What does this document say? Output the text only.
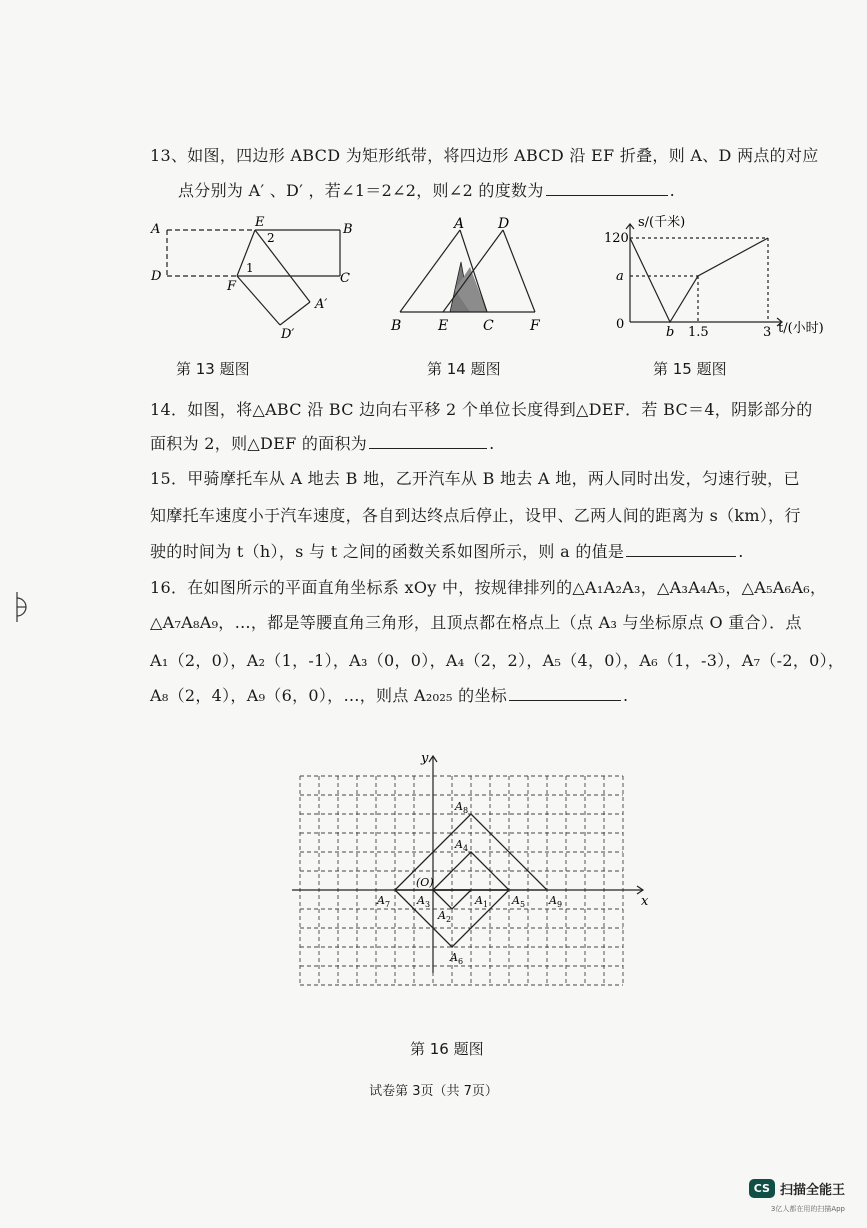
13、如图，四边形 ABCD 为矩形纸带，将四边形 ABCD 沿 EF 折叠，则 A、D 两点的对应
点分别为 A′ 、D′ ，若∠1＝2∠2，则∠2 的度数为	.
A	E	B
2
D
1
C
F
A′
D′
第 13 题图
A D
B	E C	F
第 14 题图
s/(千米)
120
a
0
b 1.5	3 t/(小时)
第 15 题图
14．如图，将△ABC 沿 BC 边向右平移 2 个单位长度得到△DEF．若 BC＝4，阴影部分的
面积为 2，则△DEF 的面积为	.
15．甲骑摩托车从 A 地去 B 地，乙开汽车从 B 地去 A 地，两人同时出发，匀速行驶，已
知摩托车速度小于汽车速度，各自到达终点后停止，设甲、乙两人间的距离为 s（km），行
驶的时间为 t（h），s 与 t 之间的函数关系如图所示，则 a 的值是	.
16．在如图所示的平面直角坐标系 xOy 中，按规律排列的△A₁A₂A₃，△A₃A₄A₅，△A₅A₆A₆，
△A₇A₈A₉，…，都是等腰直角三角形，且顶点都在格点上（点 A₃ 与坐标原点 O 重合）．点
A₁（2，0），A₂（1，-1），A₃（0，0），A₄（2，2），A₅（4，0），A₆（1，-3），A₇（-2，0），
A₈（2，4），A₉（6，0），…，则点 A₂₀₂₅ 的坐标	.
y
x
(O)
$A_1$
$A_2$
$A_3$
$A_4$
$A_5$
$A_6$
$A_7$
$A_8$
$A_9$
第 16 题图
试卷第 3页（共 7页）
CS 扫描全能王
3亿人都在用的扫描App
